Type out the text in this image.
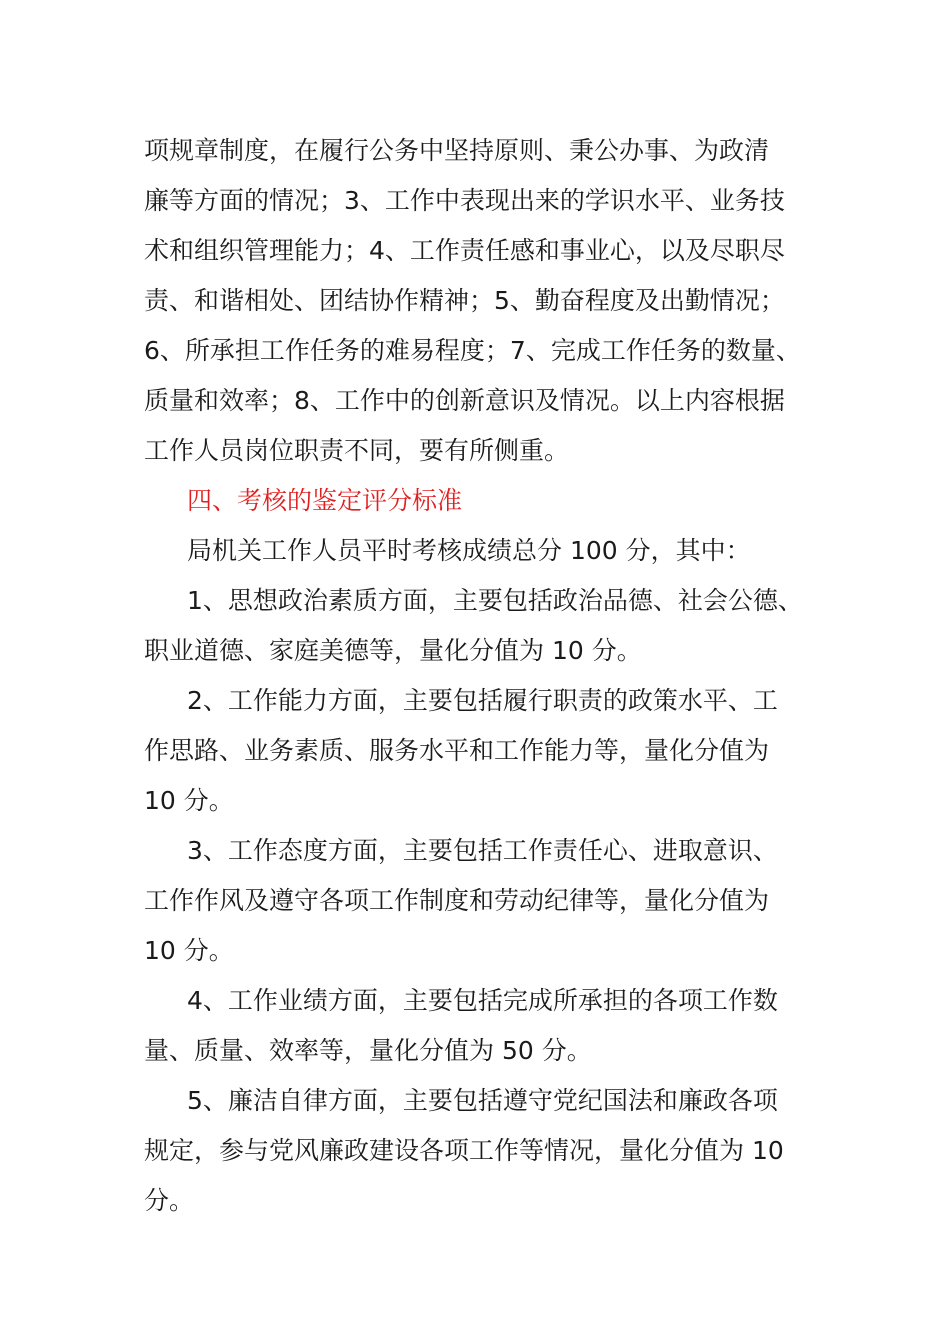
项规章制度，在履行公务中坚持原则、秉公办事、为政清
廉等方面的情况；3、工作中表现出来的学识水平、业务技
术和组织管理能力；4、工作责任感和事业心，以及尽职尽
责、和谐相处、团结协作精神；5、勤奋程度及出勤情况；
6、所承担工作任务的难易程度；7、完成工作任务的数量、
质量和效率；8、工作中的创新意识及情况。以上内容根据
工作人员岗位职责不同，要有所侧重。
四、考核的鉴定评分标准
局机关工作人员平时考核成绩总分 100 分，其中：
1、思想政治素质方面，主要包括政治品德、社会公德、
职业道德、家庭美德等，量化分值为 10 分。
2、工作能力方面，主要包括履行职责的政策水平、工
作思路、业务素质、服务水平和工作能力等，量化分值为
10 分。
3、工作态度方面，主要包括工作责任心、进取意识、
工作作风及遵守各项工作制度和劳动纪律等，量化分值为
10 分。
4、工作业绩方面，主要包括完成所承担的各项工作数
量、质量、效率等，量化分值为 50 分。
5、廉洁自律方面，主要包括遵守党纪国法和廉政各项
规定，参与党风廉政建设各项工作等情况，量化分值为 10
分。
